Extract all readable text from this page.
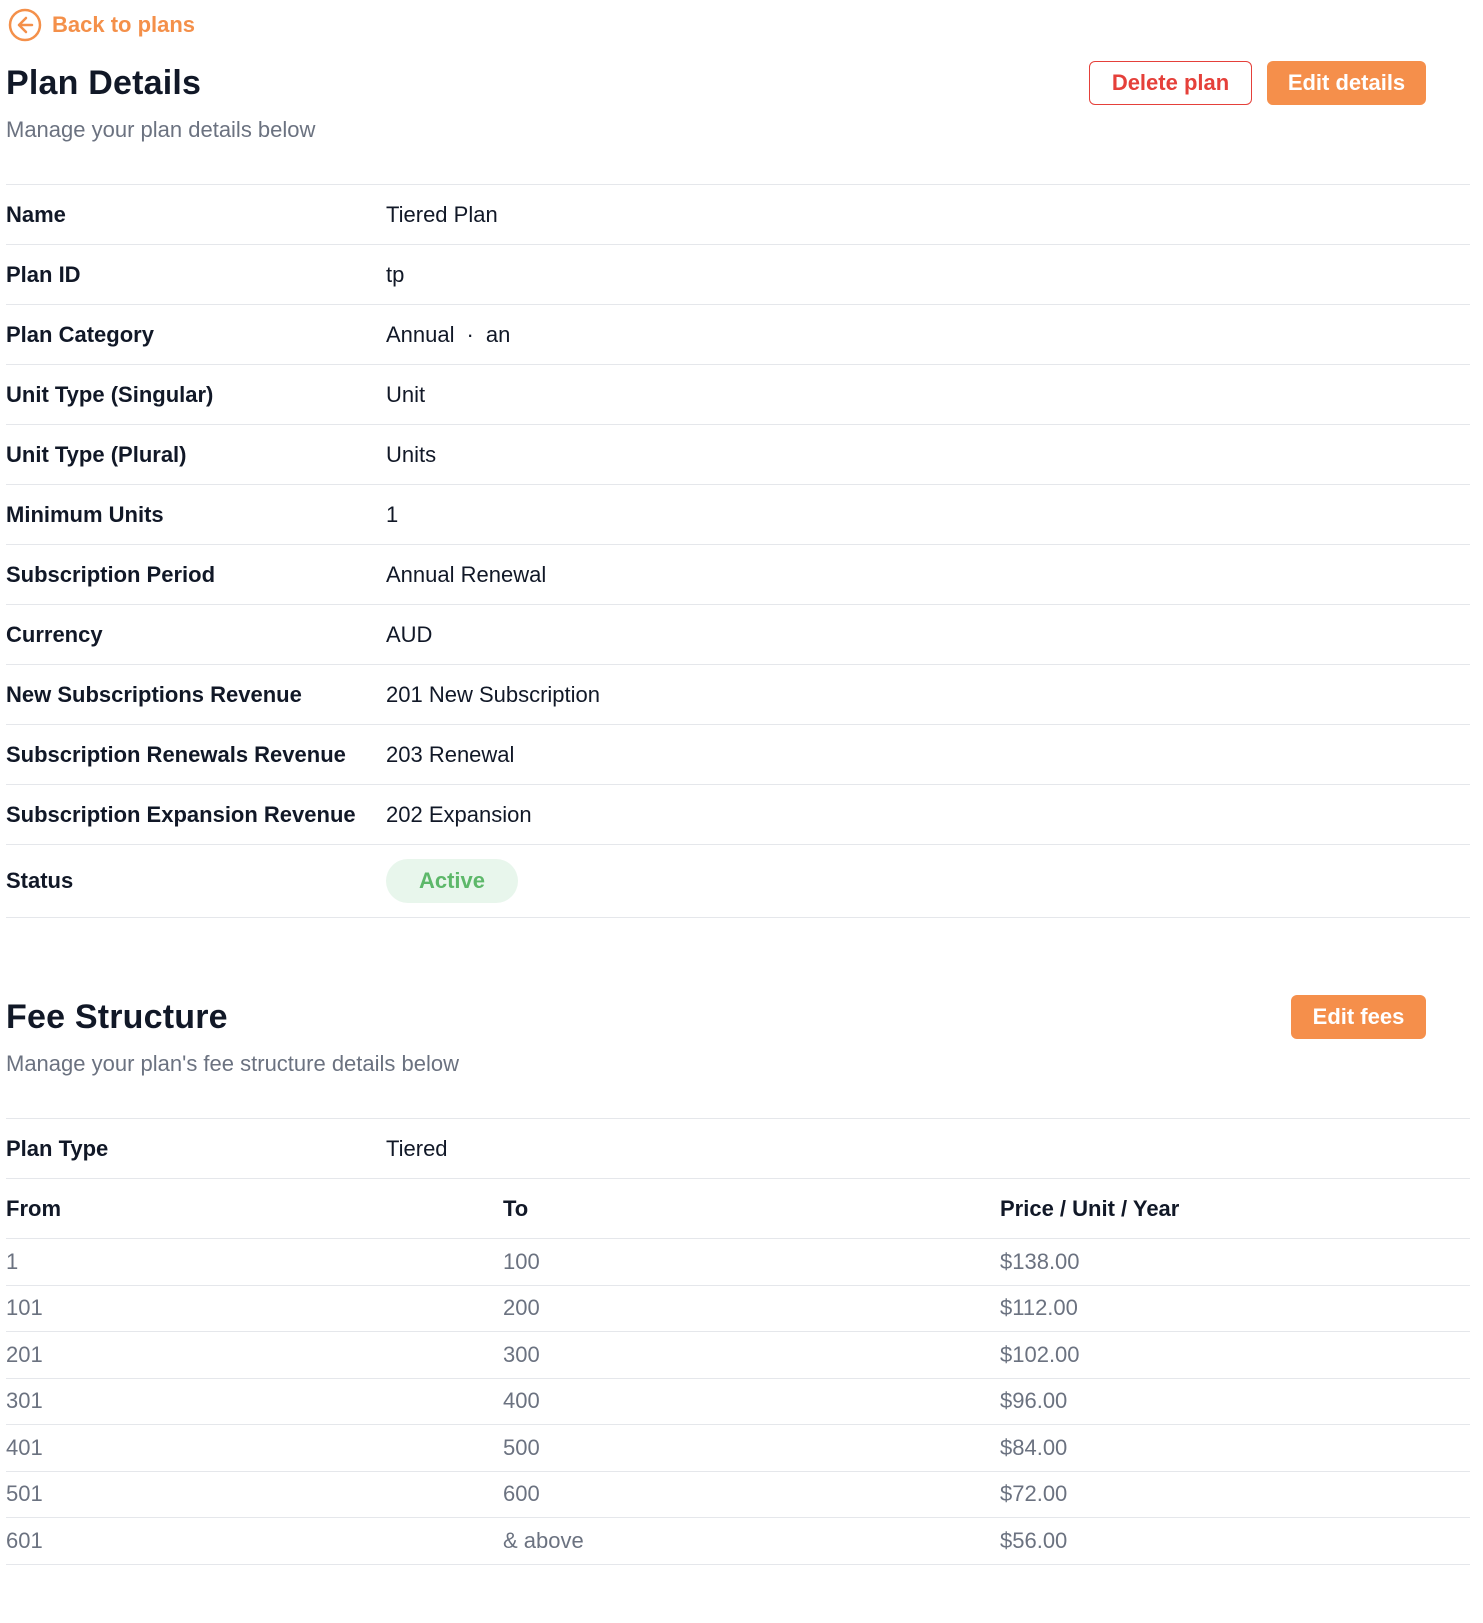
Back to plans
Plan Details

Manage your plan details below

Delete plan	Edit details
Name	Tiered Plan
Plan ID	tp
Plan Category	Annual · an
Unit Type (Singular)	Unit
Unit Type (Plural)	Units
Minimum Units	1
Subscription Period	Annual Renewal
Currency	AUD
New Subscriptions Revenue	201 New Subscription
Subscription Renewals Revenue	203 Renewal
Subscription Expansion Revenue	202 Expansion
Status	Active
Fee Structure

Manage your plan's fee structure details below

Edit fees
Plan Type	Tiered
From	To	Price / Unit / Year
1	100	$138.00
101	200	$112.00
201	300	$102.00
301	400	$96.00
401	500	$84.00
501	600	$72.00
601	& above	$56.00
